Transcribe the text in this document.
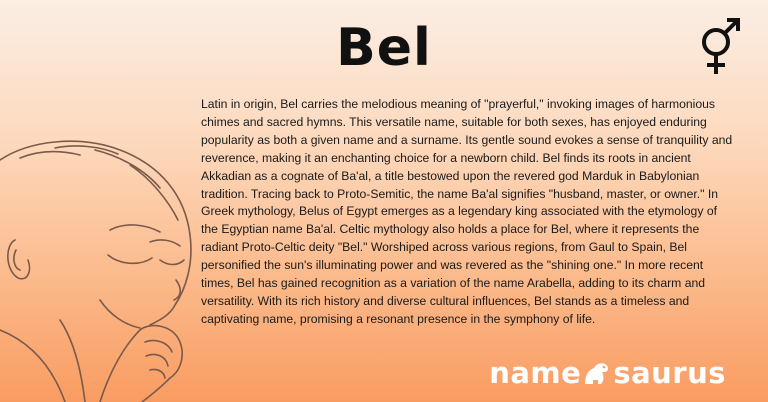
Bel

Latin in origin, Bel carries the melodious meaning of "prayerful," invoking images of harmonious chimes and sacred hymns. This versatile name, suitable for both sexes, has enjoyed enduring popularity as both a given name and a surname. Its gentle sound evokes a sense of tranquility and reverence, making it an enchanting choice for a newborn child. Bel finds its roots in ancient Akkadian as a cognate of Ba'al, a title bestowed upon the revered god Marduk in Babylonian tradition. Tracing back to Proto-Semitic, the name Ba'al signifies "husband, master, or owner." In Greek mythology, Belus of Egypt emerges as a legendary king associated with the etymology of the Egyptian name Ba'al. Celtic mythology also holds a place for Bel, where it represents the radiant Proto-Celtic deity "Bel." Worshiped across various regions, from Gaul to Spain, Bel personified the sun's illuminating power and was revered as the "shining one." In more recent times, Bel has gained recognition as a variation of the name Arabella, adding to its charm and versatility. With its rich history and diverse cultural influences, Bel stands as a timeless and captivating name, promising a resonant presence in the symphony of life.

name saurus
